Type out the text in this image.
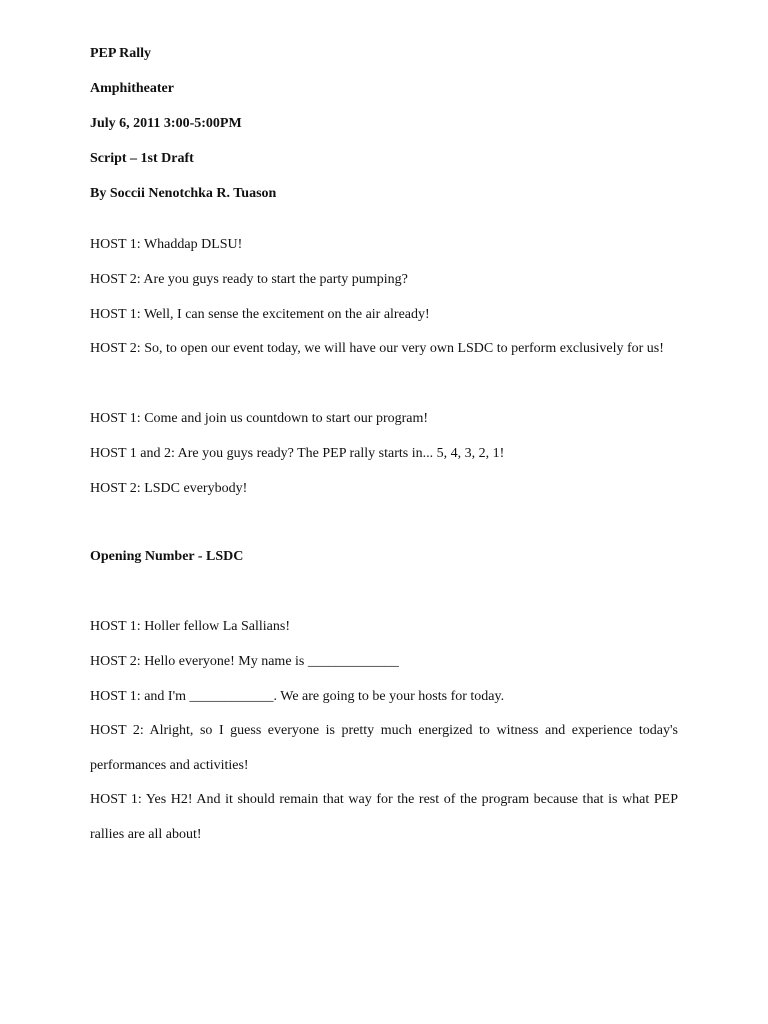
PEP Rally
Amphitheater
July 6, 2011 3:00-5:00PM
Script – 1st Draft
By Soccii Nenotchka R. Tuason
HOST 1: Whaddap DLSU!
HOST 2: Are you guys ready to start the party pumping?
HOST 1: Well, I can sense the excitement on the air already!
HOST 2: So, to open our event today, we will have our very own LSDC to perform exclusively for us!
HOST 1: Come and join us countdown to start our program!
HOST 1 and 2: Are you guys ready? The PEP rally starts in... 5, 4, 3, 2, 1!
HOST 2: LSDC everybody!
Opening Number - LSDC
HOST 1: Holler fellow La Sallians!
HOST 2: Hello everyone! My name is _____________
HOST 1: and I'm ____________. We are going to be your hosts for today.
HOST 2: Alright, so I guess everyone is pretty much energized to witness and experience today's performances and activities!
HOST 1: Yes H2! And it should remain that way for the rest of the program because that is what PEP rallies are all about!
